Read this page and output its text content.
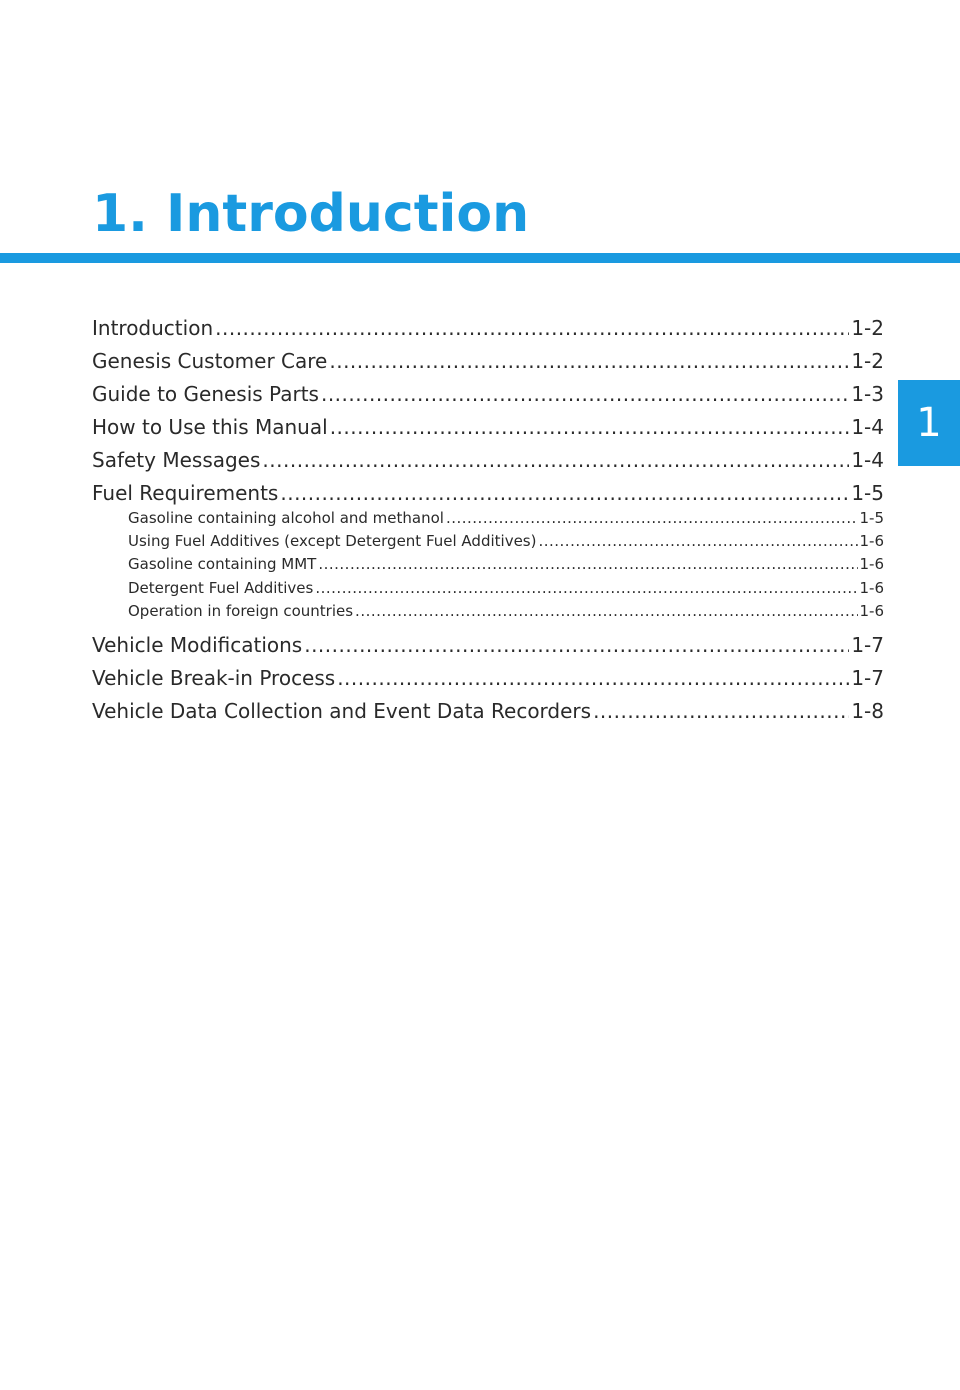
1. Introduction
1
Introduction .....	1-2
Genesis Customer Care .....	1-2
Guide to Genesis Parts .....	1-3
How to Use this Manual .....	1-4
Safety Messages .....	1-4
Fuel Requirements .....	1-5
Gasoline containing alcohol and methanol .....	1-5
Using Fuel Additives (except Detergent Fuel Additives) .....	1-6
Gasoline containing MMT .....	1-6
Detergent Fuel Additives .....	1-6
Operation in foreign countries .....	1-6
Vehicle Modifications .....	1-7
Vehicle Break-in Process .....	1-7
Vehicle Data Collection and Event Data Recorders .....	1-8
